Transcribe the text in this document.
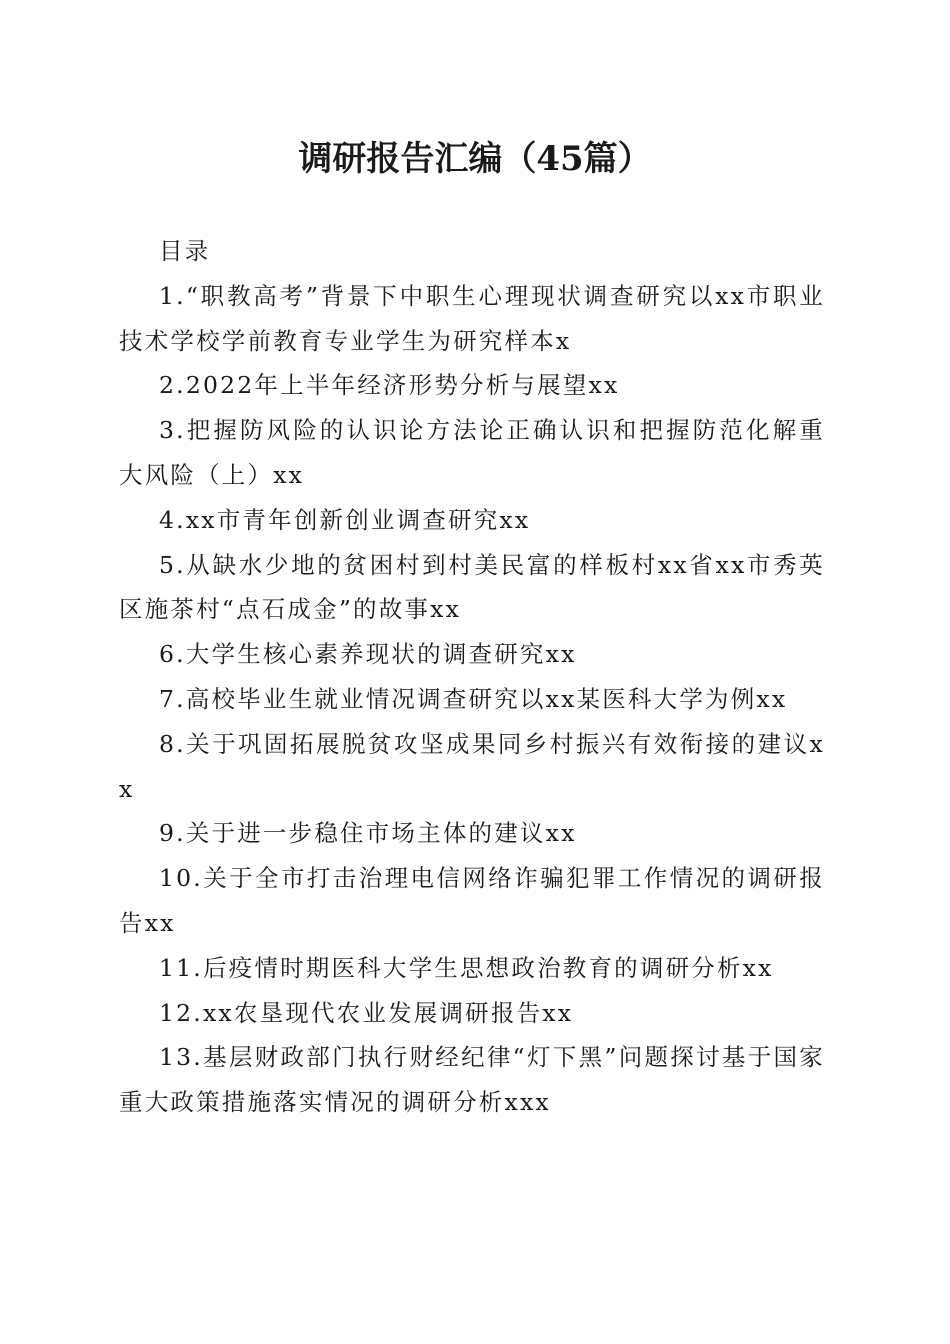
调研报告汇编（45篇）

目录

1.“职教高考”背景下中职生心理现状调查研究以xx市职业技术学校学前教育专业学生为研究样本x

2.2022年上半年经济形势分析与展望xx

3.把握防风险的认识论方法论正确认识和把握防范化解重大风险（上）xx

4.xx市青年创新创业调查研究xx

5.从缺水少地的贫困村到村美民富的样板村xx省xx市秀英区施茶村“点石成金”的故事xx

6.大学生核心素养现状的调查研究xx

7.高校毕业生就业情况调查研究以xx某医科大学为例xx

8.关于巩固拓展脱贫攻坚成果同乡村振兴有效衔接的建议xx

9.关于进一步稳住市场主体的建议xx

10.关于全市打击治理电信网络诈骗犯罪工作情况的调研报告xx

11.后疫情时期医科大学生思想政治教育的调研分析xx

12.xx农垦现代农业发展调研报告xx

13.基层财政部门执行财经纪律“灯下黑”问题探讨基于国家重大政策措施落实情况的调研分析xxx
